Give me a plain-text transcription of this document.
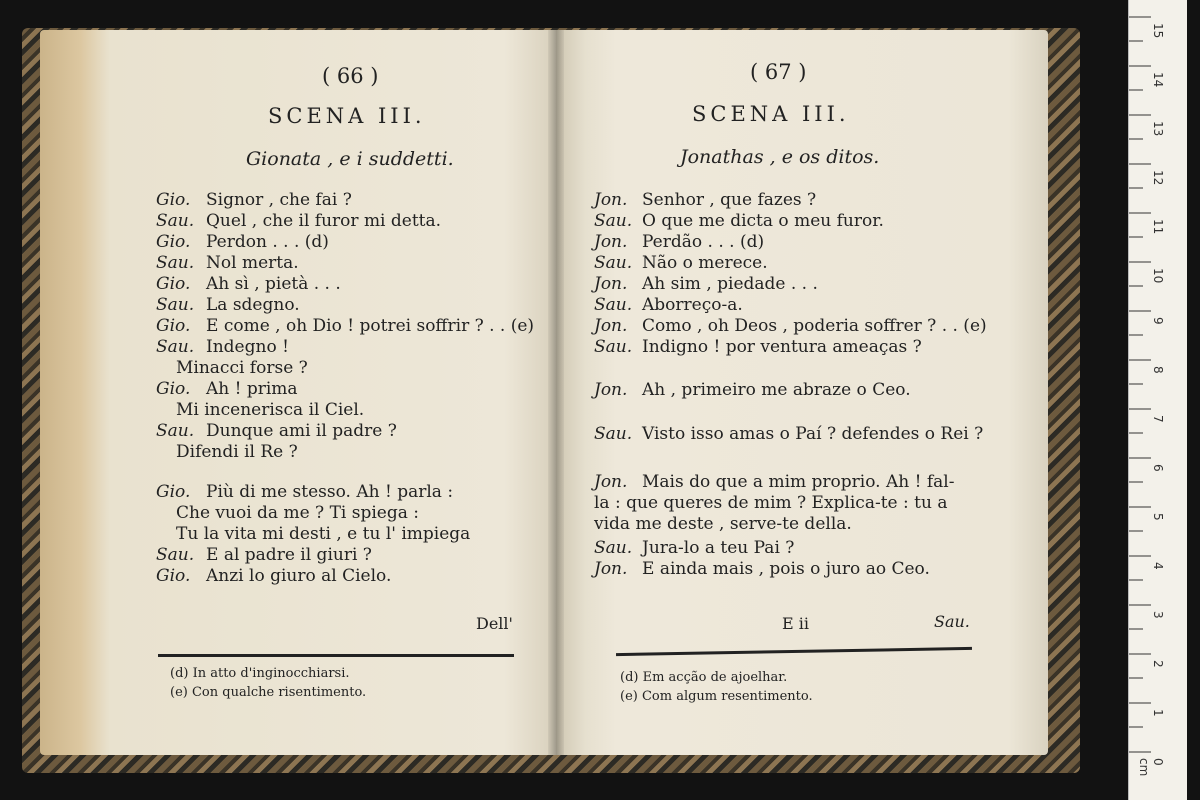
( 66 )
SCENA III.
Gionata , e i suddetti.
Gio. Signor , che fai ?
Sau. Quel , che il furor mi detta.
Gio. Perdon . . . (d)
Sau. Nol merta.
Gio. Ah sì , pietà . . .
Sau. La sdegno.
Gio. E come , oh Dio ! potrei soffrir ? . . (e)
Sau. Indegno !
Minacci forse ?
Gio. Ah ! prima
Mi incenerisca il Ciel.
Sau. Dunque ami il padre ?
Difendi il Re ?
Gio. Più di me stesso. Ah ! parla :
Che vuoi da me ? Ti spiega :
Tu la vita mi desti , e tu l' impiega
Sau. E al padre il giuri ?
Gio. Anzi lo giuro al Cielo.
Dell'
(d) In atto d'inginocchiarsi.
(e) Con qualche risentimento.
( 67 )
SCENA III.
Jonathas , e os ditos.
Jon. Senhor , que fazes ?
Sau. O que me dicta o meu furor.
Jon. Perdão . . . (d)
Sau. Não o merece.
Jon. Ah sim , piedade . . .
Sau. Aborreço-a.
Jon. Como , oh Deos , poderia soffrer ? . . (e)
Sau. Indigno ! por ventura ameaças ?
Jon. Ah , primeiro me abraze o Ceo.
Sau. Visto isso amas o Paí ? defendes o Rei ?
Jon. Mais do que a mim proprio. Ah ! fal-
la : que queres de mim ? Explica-te : tu a
vida me deste , serve-te della.
Sau. Jura-lo a teu Pai ?
Jon. E ainda mais , pois o juro ao Ceo.
E ii	Sau.
(d) Em acção de ajoelhar.
(e) Com algum resentimento.
0 cm
1
2
3
4
5
6
7
8
9
10
11
12
13
14
15
